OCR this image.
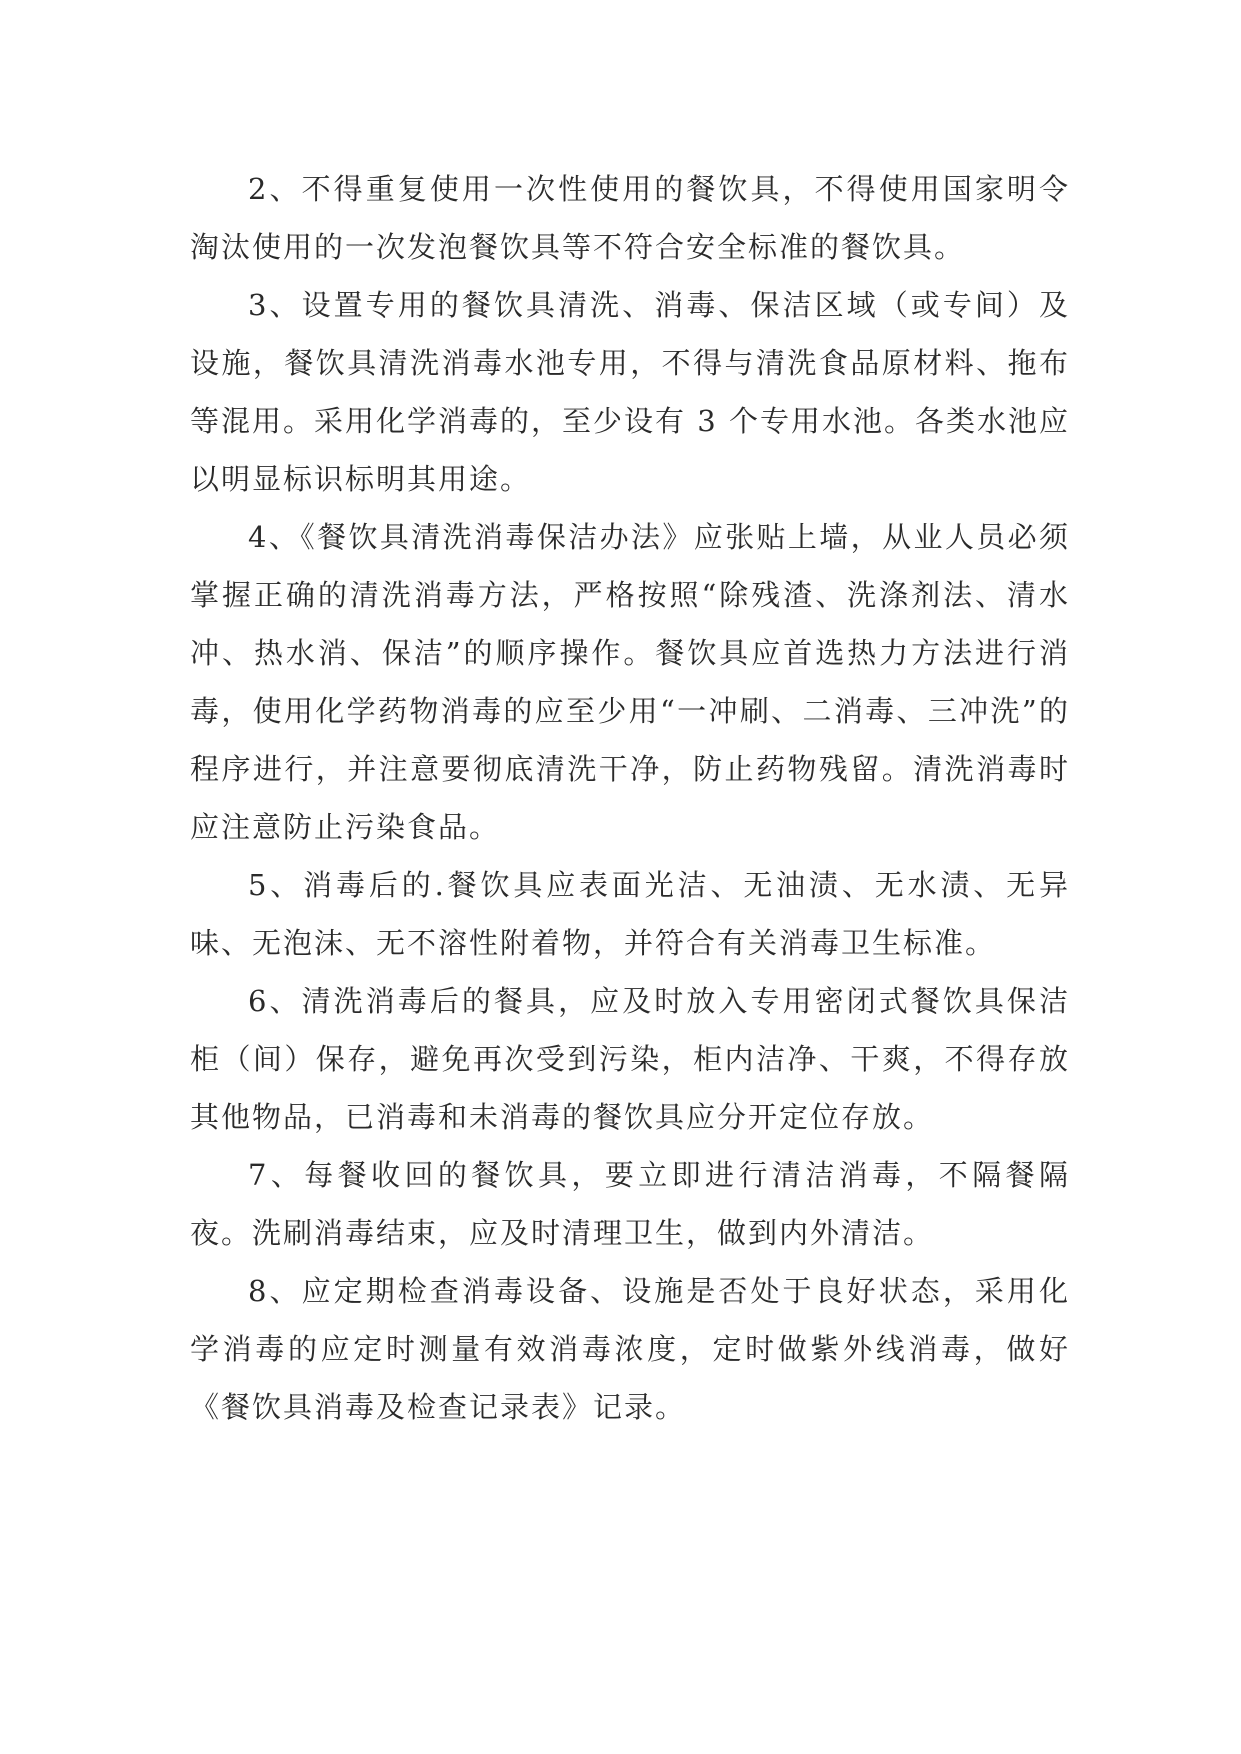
2、不得重复使用一次性使用的餐饮具，不得使用国家明令淘汰使用的一次发泡餐饮具等不符合安全标准的餐饮具。

3、设置专用的餐饮具清洗、消毒、保洁区域（或专间）及设施，餐饮具清洗消毒水池专用，不得与清洗食品原材料、拖布等混用。采用化学消毒的，至少设有 3 个专用水池。各类水池应以明显标识标明其用途。

4、《餐饮具清洗消毒保洁办法》应张贴上墙，从业人员必须掌握正确的清洗消毒方法，严格按照“除残渣、洗涤剂法、清水冲、热水消、保洁”的顺序操作。餐饮具应首选热力方法进行消毒，使用化学药物消毒的应至少用“一冲刷、二消毒、三冲洗”的程序进行，并注意要彻底清洗干净，防止药物残留。清洗消毒时应注意防止污染食品。

5、消毒后的.餐饮具应表面光洁、无油渍、无水渍、无异味、无泡沫、无不溶性附着物，并符合有关消毒卫生标准。

6、清洗消毒后的餐具，应及时放入专用密闭式餐饮具保洁柜（间）保存，避免再次受到污染，柜内洁净、干爽，不得存放其他物品，已消毒和未消毒的餐饮具应分开定位存放。

7、每餐收回的餐饮具，要立即进行清洁消毒，不隔餐隔夜。洗刷消毒结束，应及时清理卫生，做到内外清洁。

8、应定期检查消毒设备、设施是否处于良好状态，采用化学消毒的应定时测量有效消毒浓度，定时做紫外线消毒，做好《餐饮具消毒及检查记录表》记录。
